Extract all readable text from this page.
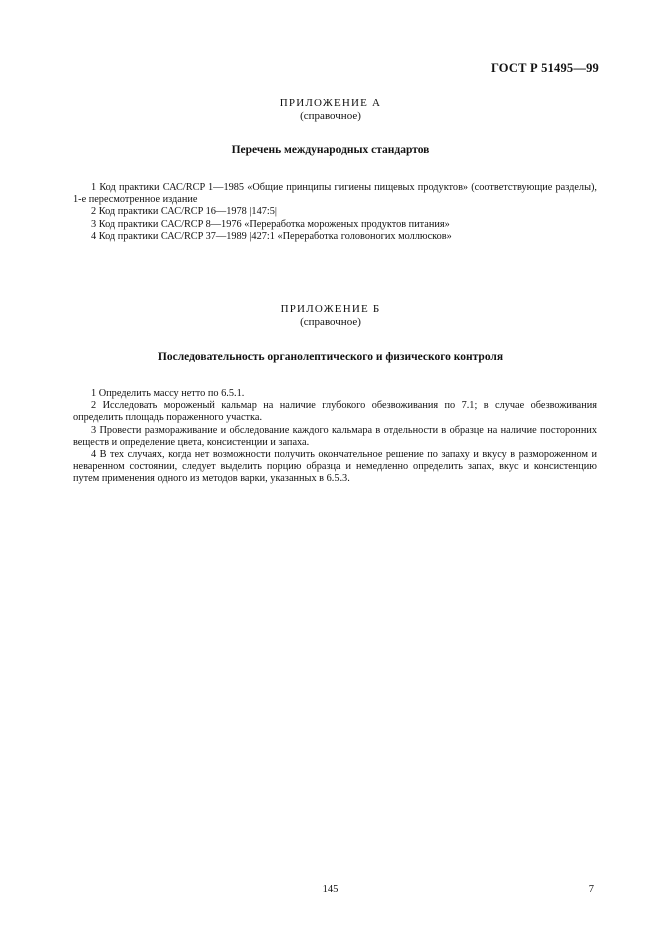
ГОСТ Р 51495—99
ПРИЛОЖЕНИЕ А
(справочное)
Перечень международных стандартов

1 Код практики САС/RCP 1—1985 «Общие принципы гигиены пищевых продуктов» (соответствующие разделы), 1-е пересмотренное издание

2 Код практики САС/RCP 16—1978 |147:5|

3 Код практики САС/RCP 8—1976 «Переработка мороженых продуктов питания»

4 Код практики САС/RCP 37—1989 |427:1 «Переработка головоногих моллюсков»

ПРИЛОЖЕНИЕ Б
(справочное)
Последовательность органолептического и физического контроля

1 Определить массу нетто по 6.5.1.

2 Исследовать мороженый кальмар на наличие глубокого обезвоживания по 7.1; в случае обезвоживания определить площадь пораженного участка.

3 Провести размораживание и обследование каждого кальмара в отдельности в образце на наличие посторонних веществ и определение цвета, консистенции и запаха.

4 В тех случаях, когда нет возможности получить окончательное решение по запаху и вкусу в размороженном и неваренном состоянии, следует выделить порцию образца и немедленно определить запах, вкус и консистенцию путем применения одного из методов варки, указанных в 6.5.3.

145	7
